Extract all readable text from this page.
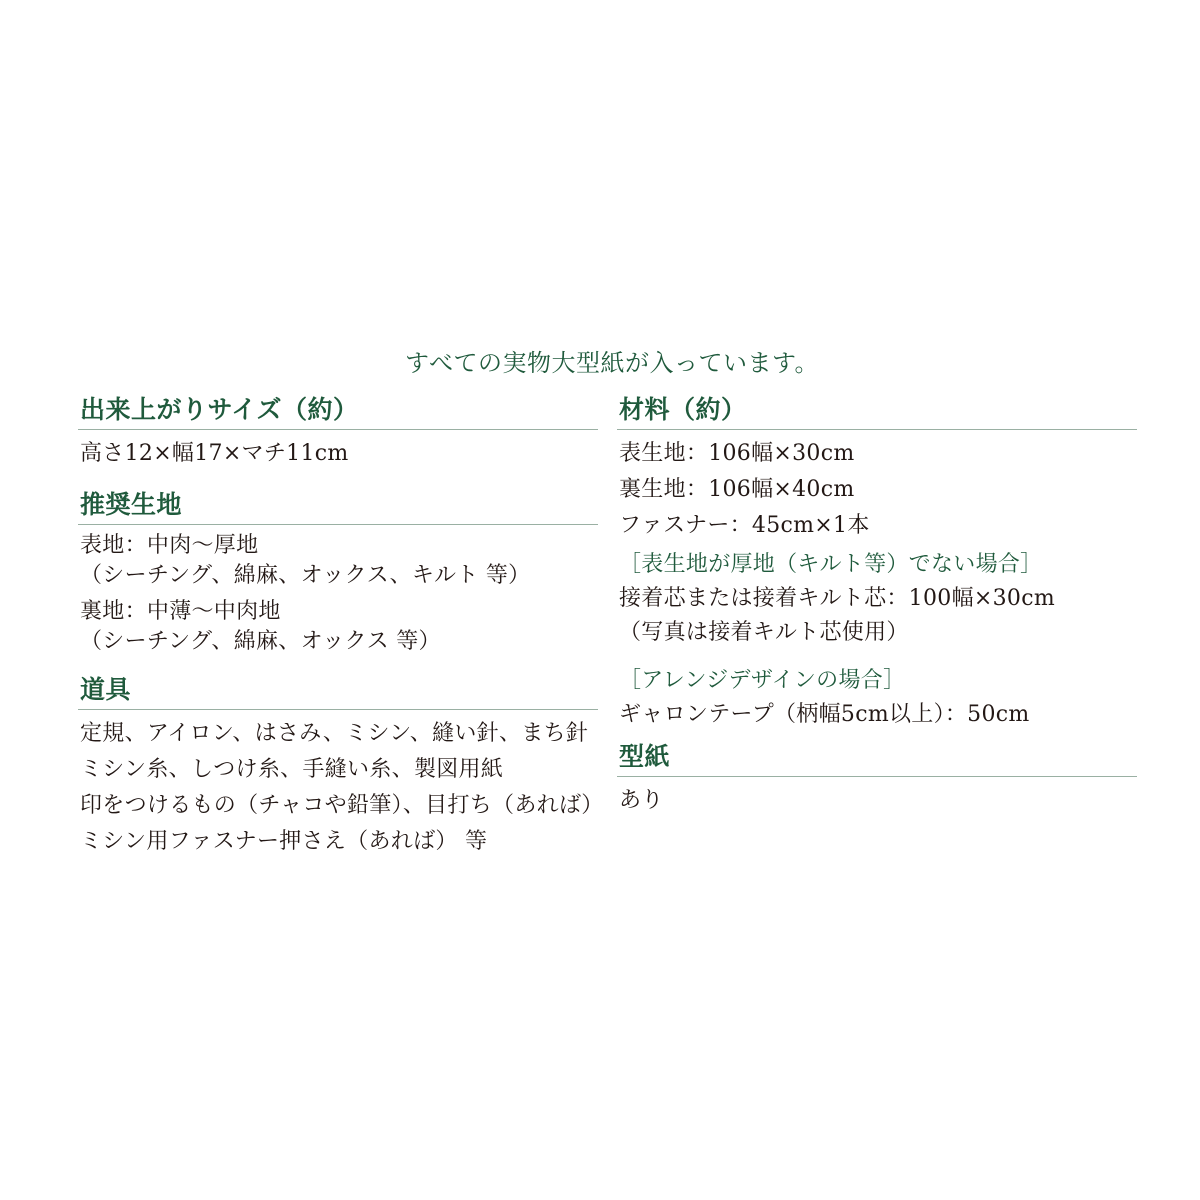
すべての実物大型紙が入っています。
出来上がりサイズ（約）
高さ12×幅17×マチ11cm
推奨生地
表地：中肉〜厚地
（シーチング、綿麻、オックス、キルト 等）
裏地：中薄〜中肉地
（シーチング、綿麻、オックス 等）
道具
定規、アイロン、はさみ、ミシン、縫い針、まち針
ミシン糸、しつけ糸、手縫い糸、製図用紙
印をつけるもの（チャコや鉛筆）、目打ち（あれば）
ミシン用ファスナー押さえ（あれば） 等
材料（約）
表生地：106幅×30cm
裏生地：106幅×40cm
ファスナー：45cm×1本
［表生地が厚地（キルト等）でない場合］
接着芯または接着キルト芯：100幅×30cm
（写真は接着キルト芯使用）
［アレンジデザインの場合］
ギャロンテープ（柄幅5cm以上）：50cm
型紙
あり
